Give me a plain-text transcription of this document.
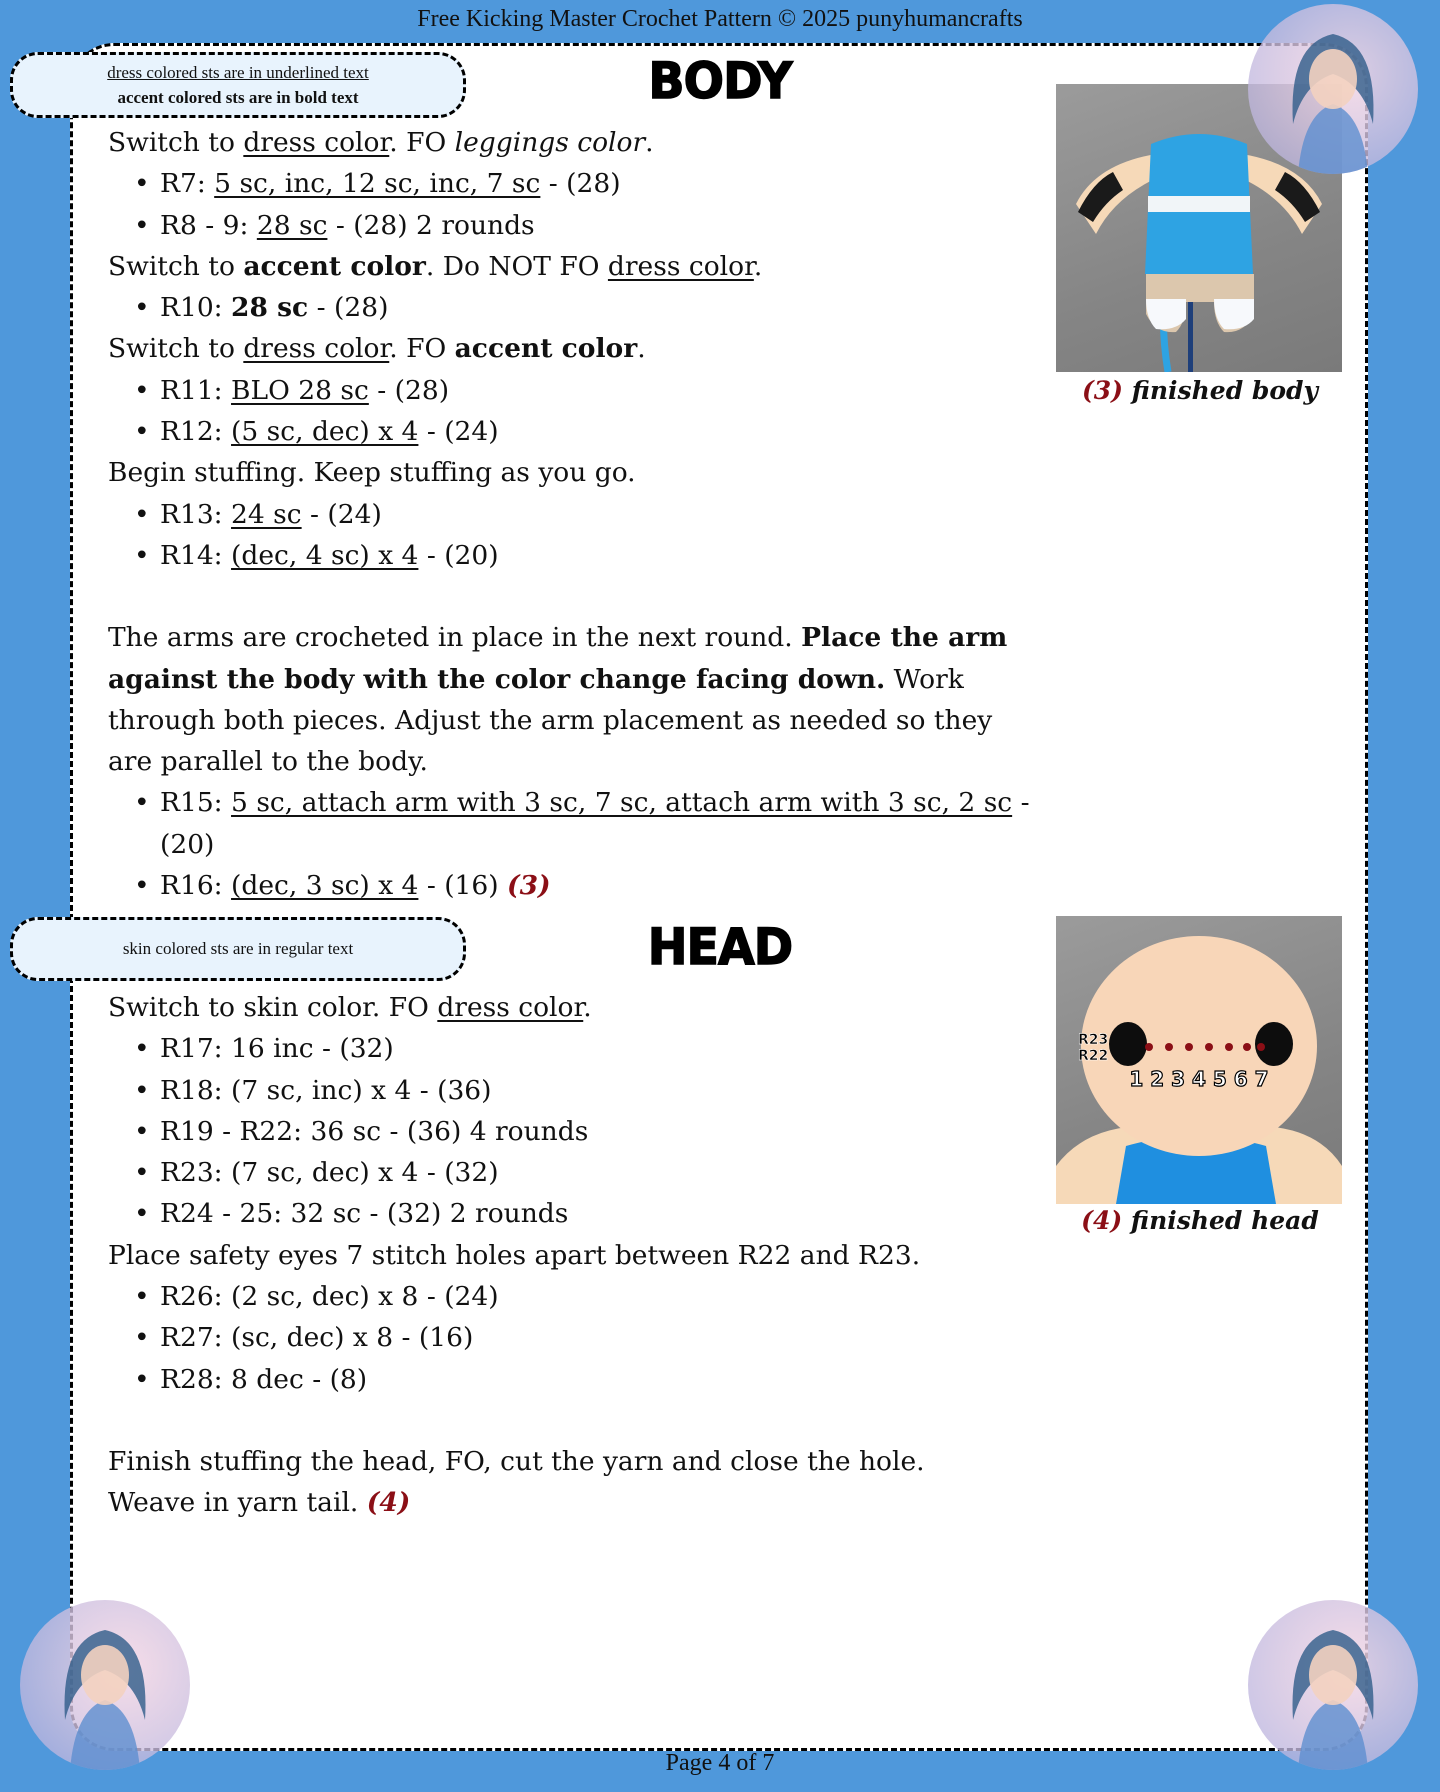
Free Kicking Master Crochet Pattern © 2025 punyhumancrafts
dress colored sts are in underlined text
accent colored sts are in bold text	BODY

Switch to dress color. FO leggings color.

• R7: 5 sc, inc, 12 sc, inc, 7 sc - (28)
• R8 - 9: 28 sc - (28) 2 rounds

Switch to accent color. Do NOT FO dress color.

• R10: 28 sc - (28)

Switch to dress color. FO accent color.

• R11: BLO 28 sc - (28)
• R12: (5 sc, dec) x 4 - (24)

Begin stuffing. Keep stuffing as you go.

• R13: 24 sc - (24)
• R14: (dec, 4 sc) x 4 - (20)

The arms are crocheted in place in the next round. Place the arm against the body with the color change facing down. Work through both pieces. Adjust the arm placement as needed so they are parallel to the body.

• R15: 5 sc, attach arm with 3 sc, 7 sc, attach arm with 3 sc, 2 sc - (20)
• R16: (dec, 3 sc) x 4 - (16) (3)
(3) finished body
skin colored sts are in regular text	HEAD

Switch to skin color. FO dress color.

• R17: 16 inc - (32)
• R18: (7 sc, inc) x 4 - (36)
• R19 - R22: 36 sc - (36) 4 rounds
• R23: (7 sc, dec) x 4 - (32)
• R24 - 25: 32 sc - (32) 2 rounds

Place safety eyes 7 stitch holes apart between R22 and R23.

• R26: (2 sc, dec) x 8 - (24)
• R27: (sc, dec) x 8 - (16)
• R28: 8 dec - (8)

Finish stuffing the head, FO, cut the yarn and close the hole. Weave in yarn tail. (4)

R23
R22
1 2 3 4 5 6 7
(4) finished head
Page 4 of 7
